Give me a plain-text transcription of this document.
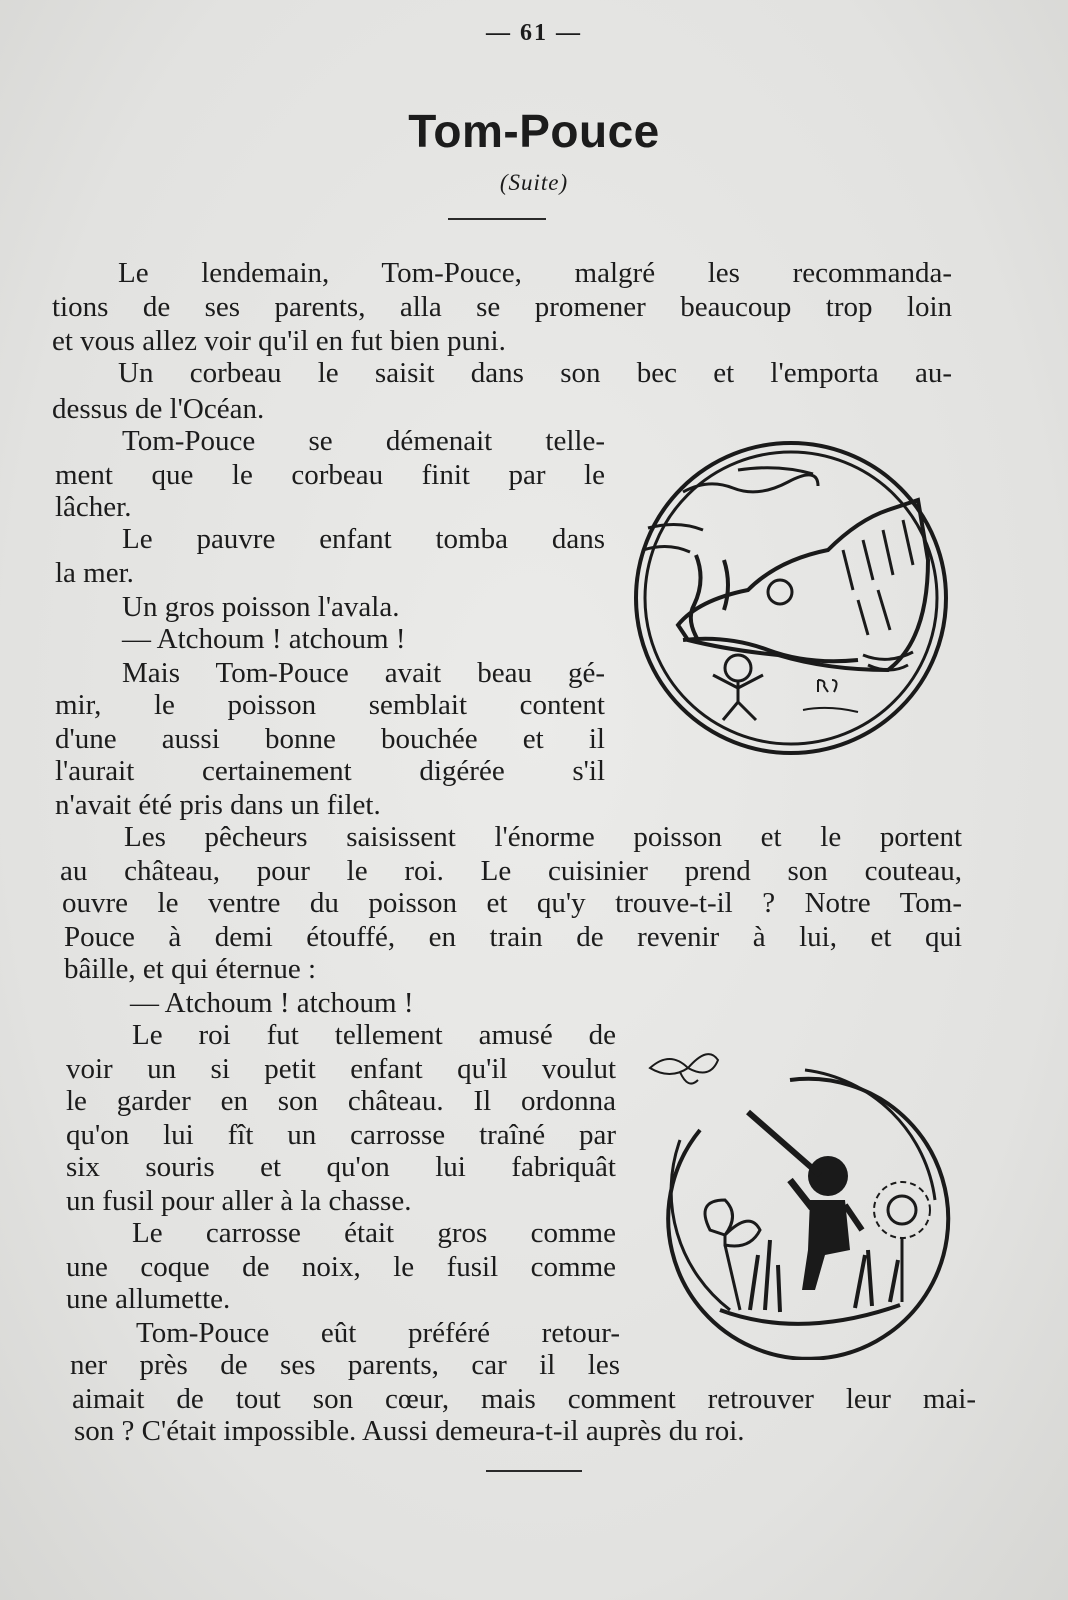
— 61 —
Tom-Pouce
(Suite)
Le lendemain, Tom-Pouce, malgré les recommanda-
tions de ses parents, alla se promener beaucoup trop loin
et vous allez voir qu'il en fut bien puni.
Un corbeau le saisit dans son bec et l'emporta au-
dessus de l'Océan.
Tom-Pouce se démenait telle-
ment que le corbeau finit par le
lâcher.
Le pauvre enfant tomba dans
la mer.
Un gros poisson l'avala.
— Atchoum ! atchoum !
Mais Tom-Pouce avait beau gé-
mir, le poisson semblait content
d'une aussi bonne bouchée et il
l'aurait certainement digérée s'il
n'avait été pris dans un filet.
Les pêcheurs saisissent l'énorme poisson et le portent
au château, pour le roi. Le cuisinier prend son couteau,
ouvre le ventre du poisson et qu'y trouve-t-il ? Notre Tom-
Pouce à demi étouffé, en train de revenir à lui, et qui
bâille, et qui éternue :
— Atchoum ! atchoum !
Le roi fut tellement amusé de
voir un si petit enfant qu'il voulut
le garder en son château. Il ordonna
qu'on lui fît un carrosse traîné par
six souris et qu'on lui fabriquât
un fusil pour aller à la chasse.
Le carrosse était gros comme
une coque de noix, le fusil comme
une allumette.
Tom-Pouce eût préféré retour-
ner près de ses parents, car il les
aimait de tout son cœur, mais comment retrouver leur mai-
son ? C'était impossible. Aussi demeura-t-il auprès du roi.
